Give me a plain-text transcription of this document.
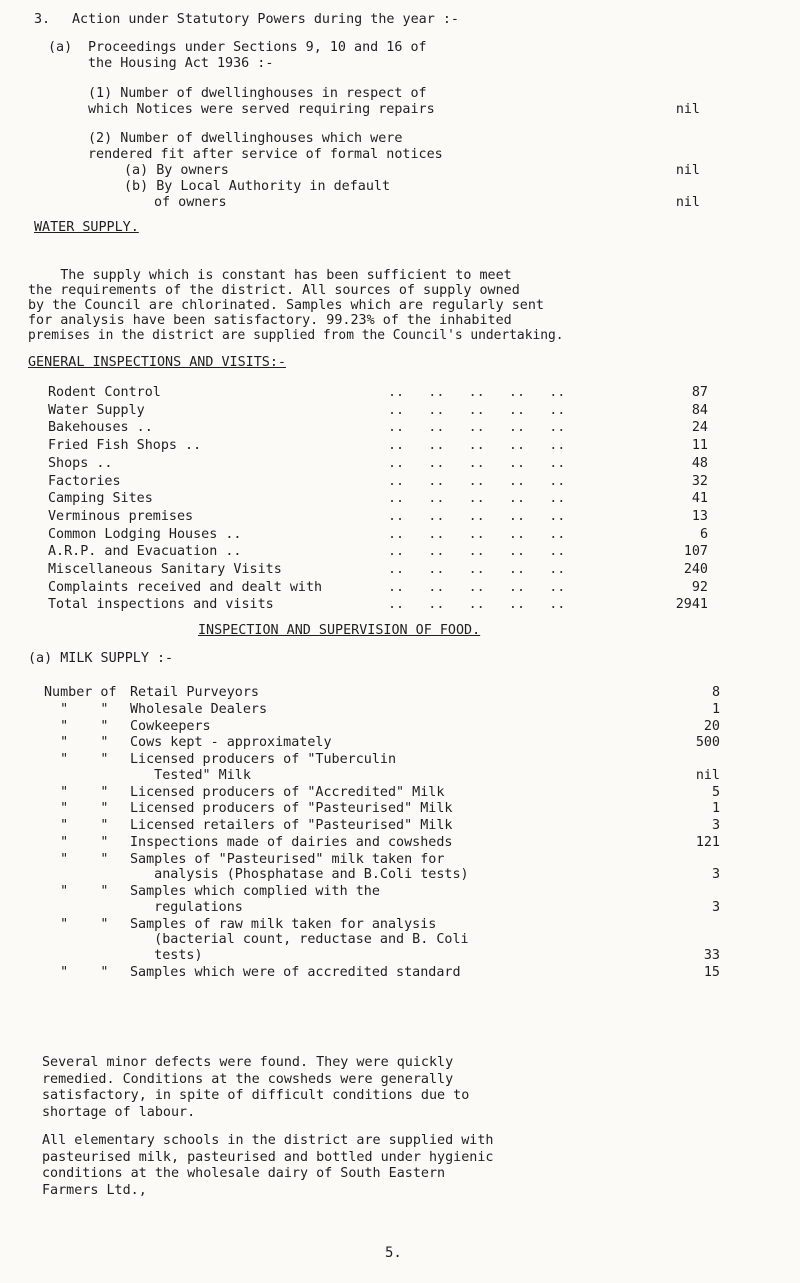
3. Action under Statutory Powers during the year :-
(a) Proceedings under Sections 9, 10 and 16 of
the Housing Act 1936 :-
(1) Number of dwellinghouses in respect of
which Notices were served requiring repairs	nil
(2) Number of dwellinghouses which were
rendered fit after service of formal notices
(a) By owners	nil
(b) By Local Authority in default
of owners	nil
WATER SUPPLY.
The supply which is constant has been sufficient to meet
the requirements of the district. All sources of supply owned
by the Council are chlorinated. Samples which are regularly sent
for analysis have been satisfactory. 99.23% of the inhabited
premises in the district are supplied from the Council's undertaking.
GENERAL INSPECTIONS AND VISITS:-
Rodent Control	..   ..   ..   ..   ..	87
Water Supply	..   ..   ..   ..   ..	84
Bakehouses ..	..   ..   ..   ..   ..	24
Fried Fish Shops ..	..   ..   ..   ..   ..	11
Shops ..	..   ..   ..   ..   ..	48
Factories	..   ..   ..   ..   ..	32
Camping Sites	..   ..   ..   ..   ..	41
Verminous premises	..   ..   ..   ..   ..	13
Common Lodging Houses ..	..   ..   ..   ..   ..	6
A.R.P. and Evacuation ..	..   ..   ..   ..   ..	107
Miscellaneous Sanitary Visits	..   ..   ..   ..   ..	240
Complaints received and dealt with	..   ..   ..   ..   ..	92
Total inspections and visits	..   ..   ..   ..   ..	2941
INSPECTION AND SUPERVISION OF FOOD.
(a) MILK SUPPLY :-
Number of Retail Purveyors	8
"    " Wholesale Dealers	1
"    " Cowkeepers	20
"    " Cows kept - approximately	500
"    " Licensed producers of "Tuberculin
Tested" Milk	nil
"    " Licensed producers of "Accredited" Milk	5
"    " Licensed producers of "Pasteurised" Milk	1
"    " Licensed retailers of "Pasteurised" Milk	3
"    " Inspections made of dairies and cowsheds	121
"    " Samples of "Pasteurised" milk taken for
analysis (Phosphatase and B.Coli tests)	3
"    " Samples which complied with the
regulations	3
"    " Samples of raw milk taken for analysis
(bacterial count, reductase and B. Coli
tests)	33
"    " Samples which were of accredited standard	15
Several minor defects were found. They were quickly
remedied. Conditions at the cowsheds were generally
satisfactory, in spite of difficult conditions due to
shortage of labour.
All elementary schools in the district are supplied with
pasteurised milk, pasteurised and bottled under hygienic
conditions at the wholesale dairy of South Eastern
Farmers Ltd.,
5.
